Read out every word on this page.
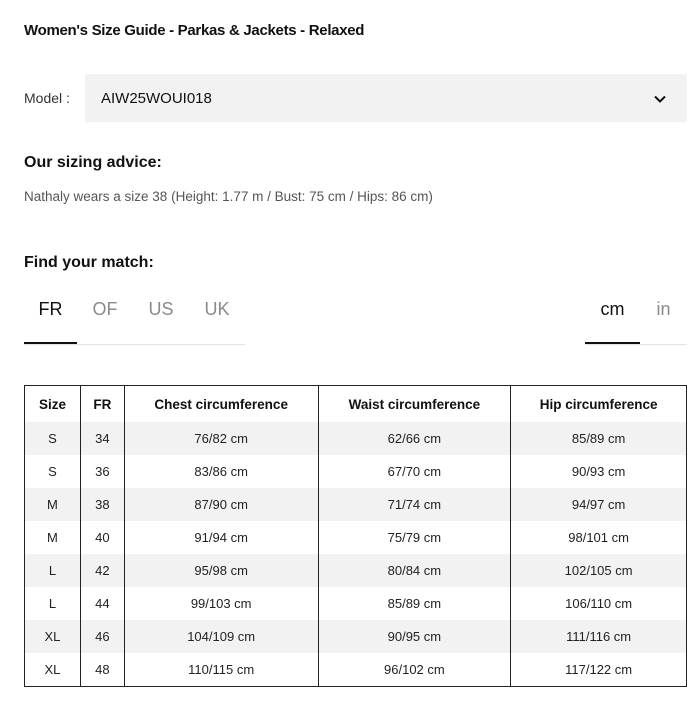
Women's Size Guide - Parkas & Jackets - Relaxed
Model : AIW25WOUI018
Our sizing advice:
Nathaly wears a size 38 (Height: 1.77 m / Bust: 75 cm / Hips: 86 cm)
Find your match:
FR	OF	US	UK	cm	in
Size	FR	Chest circumference	Waist circumference	Hip circumference
S	34	76/82 cm	62/66 cm	85/89 cm
S	36	83/86 cm	67/70 cm	90/93 cm
M	38	87/90 cm	71/74 cm	94/97 cm
M	40	91/94 cm	75/79 cm	98/101 cm
L	42	95/98 cm	80/84 cm	102/105 cm
L	44	99/103 cm	85/89 cm	106/110 cm
XL	46	104/109 cm	90/95 cm	111/116 cm
XL	48	110/115 cm	96/102 cm	117/122 cm
